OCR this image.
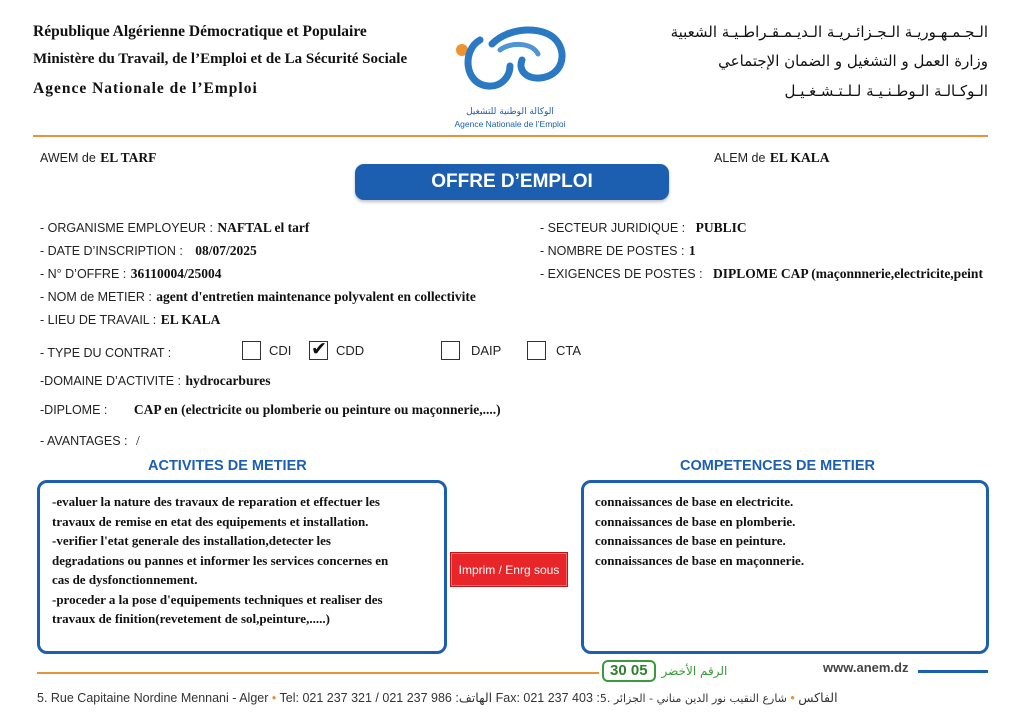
République Algérienne Démocratique et Populaire
Ministère du Travail, de l’Emploi et de La Sécurité Sociale
Agence Nationale de l’Emploi
الـجـمـهـوريـة الـجـزائـريـة الـديـمـقـراطـيـة الشعبية
وزارة العمل و التشغيل و الضمان الإجتماعي
الـوكـالـة الـوطـنـيـة لـلـتـشـغـيـل
الوكالة الوطنية للتشغيل
Agence Nationale de l’Emploi
AWEM de EL TARF	ALEM de EL KALA
OFFRE D’EMPLOI
- ORGANISME EMPLOYEUR : NAFTAL el tarf
- DATE D’INSCRIPTION : 08/07/2025
- N° D’OFFRE : 36110004/25004
- NOM de METIER : agent d'entretien maintenance polyvalent en collectivite
- LIEU DE TRAVAIL : EL KALA
- SECTEUR JURIDIQUE : PUBLIC
- NOMBRE DE POSTES : 1
- EXIGENCES DE POSTES : DIPLOME CAP (maçonnnerie,electricite,peint
- TYPE DU CONTRAT :	CDI ✔ CDD	DAIP	CTA
-DOMAINE D’ACTIVITE : hydrocarbures
-DIPLOME : CAP en (electricite ou plomberie ou peinture ou maçonnerie,....)
- AVANTAGES : /
ACTIVITES DE METIER	COMPETENCES DE METIER
-evaluer la nature des travaux de reparation et effectuer les
travaux de remise en etat des equipements et installation.
-verifier l'etat generale des installation,detecter les
degradations ou pannes et informer les services concernes en
cas de dysfonctionnement.
-proceder a la pose d'equipements techniques et realiser des
travaux de finition(revetement de sol,peinture,.....)
Imprim / Enrg sous
connaissances de base en electricite.
connaissances de base en plomberie.
connaissances de base en peinture.
connaissances de base en maçonnerie.
30 05	الرقم الأخضر	www.anem.dz
5. Rue Capitaine Nordine Mennani - Alger • Tel: 021 237 321 / 021 237 986 :الهاتف Fax: 021 237 403 :الفاكس • شارع النقيب نور الدين مناني - الجزائر .5
